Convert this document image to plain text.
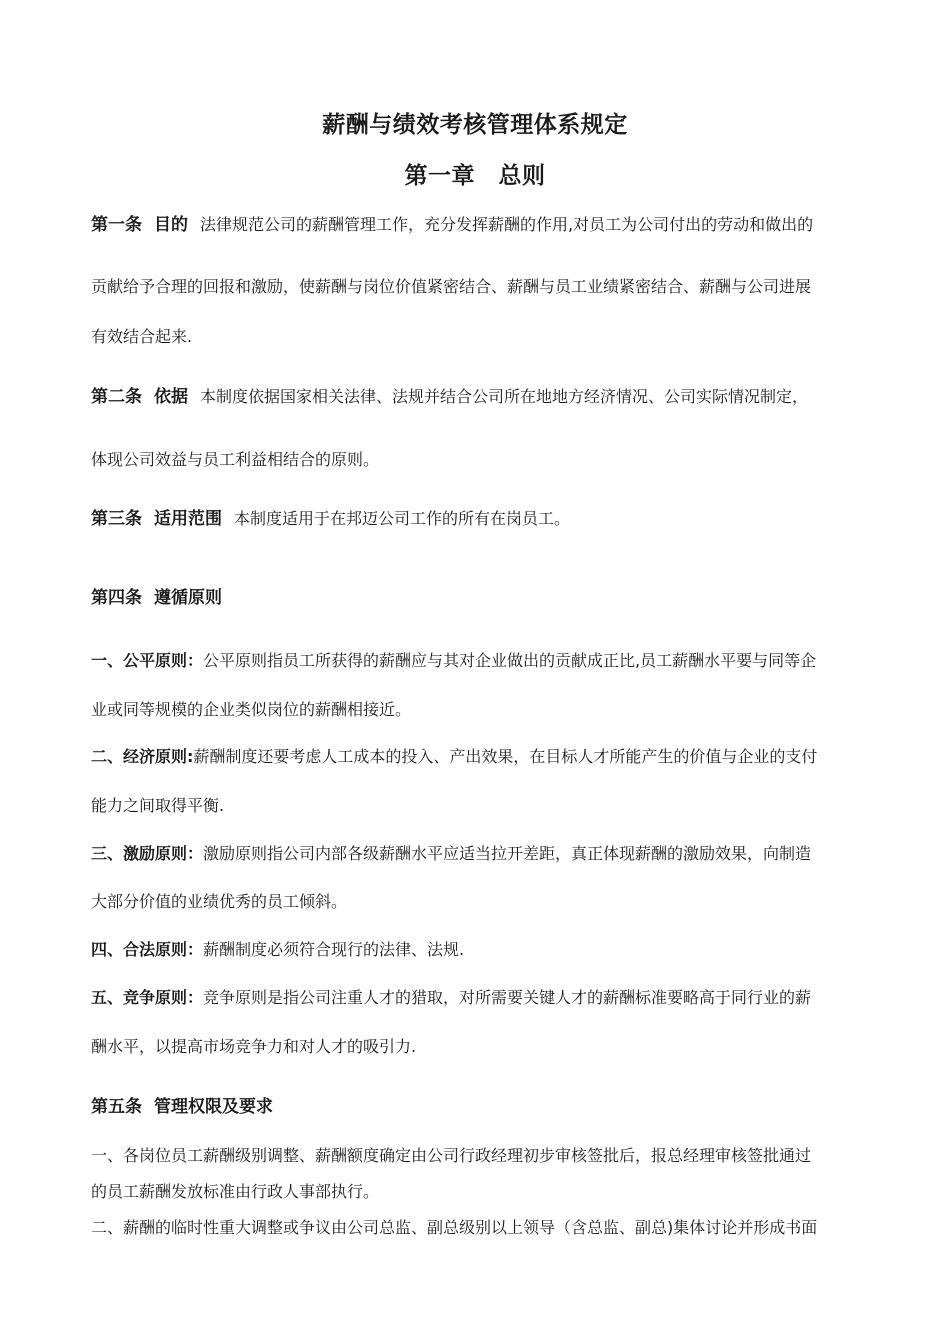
薪酬与绩效考核管理体系规定
第一章　总则
第一条 目的 法律规范公司的薪酬管理工作，充分发挥薪酬的作用,对员工为公司付出的劳动和做出的
贡献给予合理的回报和激励，使薪酬与岗位价值紧密结合、薪酬与员工业绩紧密结合、薪酬与公司进展
有效结合起来.
第二条 依据 本制度依据国家相关法律、法规并结合公司所在地地方经济情况、公司实际情况制定，
体现公司效益与员工利益相结合的原则。
第三条 适用范围 本制度适用于在邦迈公司工作的所有在岗员工。
第四条 遵循原则
一、公平原则：公平原则指员工所获得的薪酬应与其对企业做出的贡献成正比,员工薪酬水平要与同等企
业或同等规模的企业类似岗位的薪酬相接近。
二、经济原则:薪酬制度还要考虑人工成本的投入、产出效果，在目标人才所能产生的价值与企业的支付
能力之间取得平衡.
三、激励原则：激励原则指公司内部各级薪酬水平应适当拉开差距，真正体现薪酬的激励效果，向制造
大部分价值的业绩优秀的员工倾斜。
四、合法原则：薪酬制度必须符合现行的法律、法规.
五、竞争原则：竞争原则是指公司注重人才的猎取，对所需要关键人才的薪酬标准要略高于同行业的薪
酬水平，以提高市场竞争力和对人才的吸引力.
第五条 管理权限及要求
一、各岗位员工薪酬级别调整、薪酬额度确定由公司行政经理初步审核签批后，报总经理审核签批通过
的员工薪酬发放标准由行政人事部执行。
二、薪酬的临时性重大调整或争议由公司总监、副总级别以上领导（含总监、副总)集体讨论并形成书面
